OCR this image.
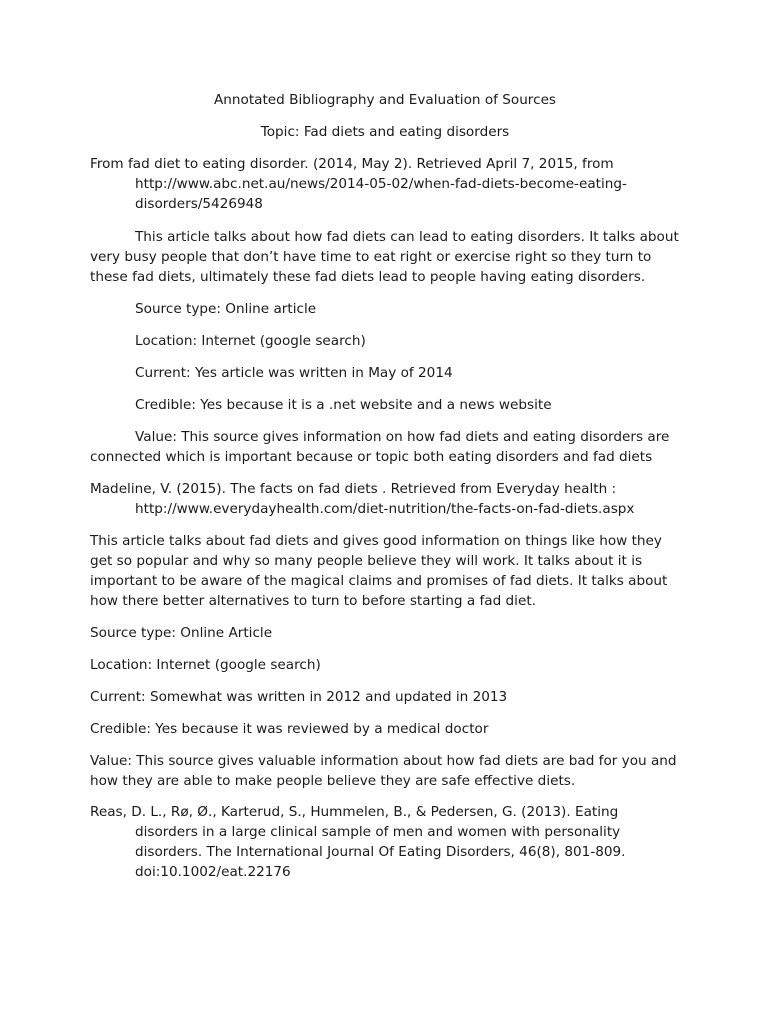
Annotated Bibliography and Evaluation of Sources

Topic: Fad diets and eating disorders

From fad diet to eating disorder. (2014, May 2). Retrieved April 7, 2015, from http://www.abc.net.au/news/2014-05-02/when-fad-diets-become-eating-disorders/5426948

This article talks about how fad diets can lead to eating disorders. It talks about very busy people that don’t have time to eat right or exercise right so they turn to these fad diets, ultimately these fad diets lead to people having eating disorders.

Source type: Online article

Location: Internet (google search)

Current: Yes article was written in May of 2014

Credible: Yes because it is a .net website and a news website

Value: This source gives information on how fad diets and eating disorders are connected which is important because or topic both eating disorders and fad diets

Madeline, V. (2015). The facts on fad diets . Retrieved from Everyday health : http://www.everydayhealth.com/diet-nutrition/the-facts-on-fad-diets.aspx

This article talks about fad diets and gives good information on things like how they get so popular and why so many people believe they will work. It talks about it is important to be aware of the magical claims and promises of fad diets. It talks about how there better alternatives to turn to before starting a fad diet.

Source type: Online Article

Location: Internet (google search)

Current: Somewhat was written in 2012 and updated in 2013

Credible: Yes because it was reviewed by a medical doctor

Value: This source gives valuable information about how fad diets are bad for you and how they are able to make people believe they are safe effective diets.

Reas, D. L., Rø, Ø., Karterud, S., Hummelen, B., & Pedersen, G. (2013). Eating disorders in a large clinical sample of men and women with personality disorders. The International Journal Of Eating Disorders, 46(8), 801-809. doi:10.1002/eat.22176
